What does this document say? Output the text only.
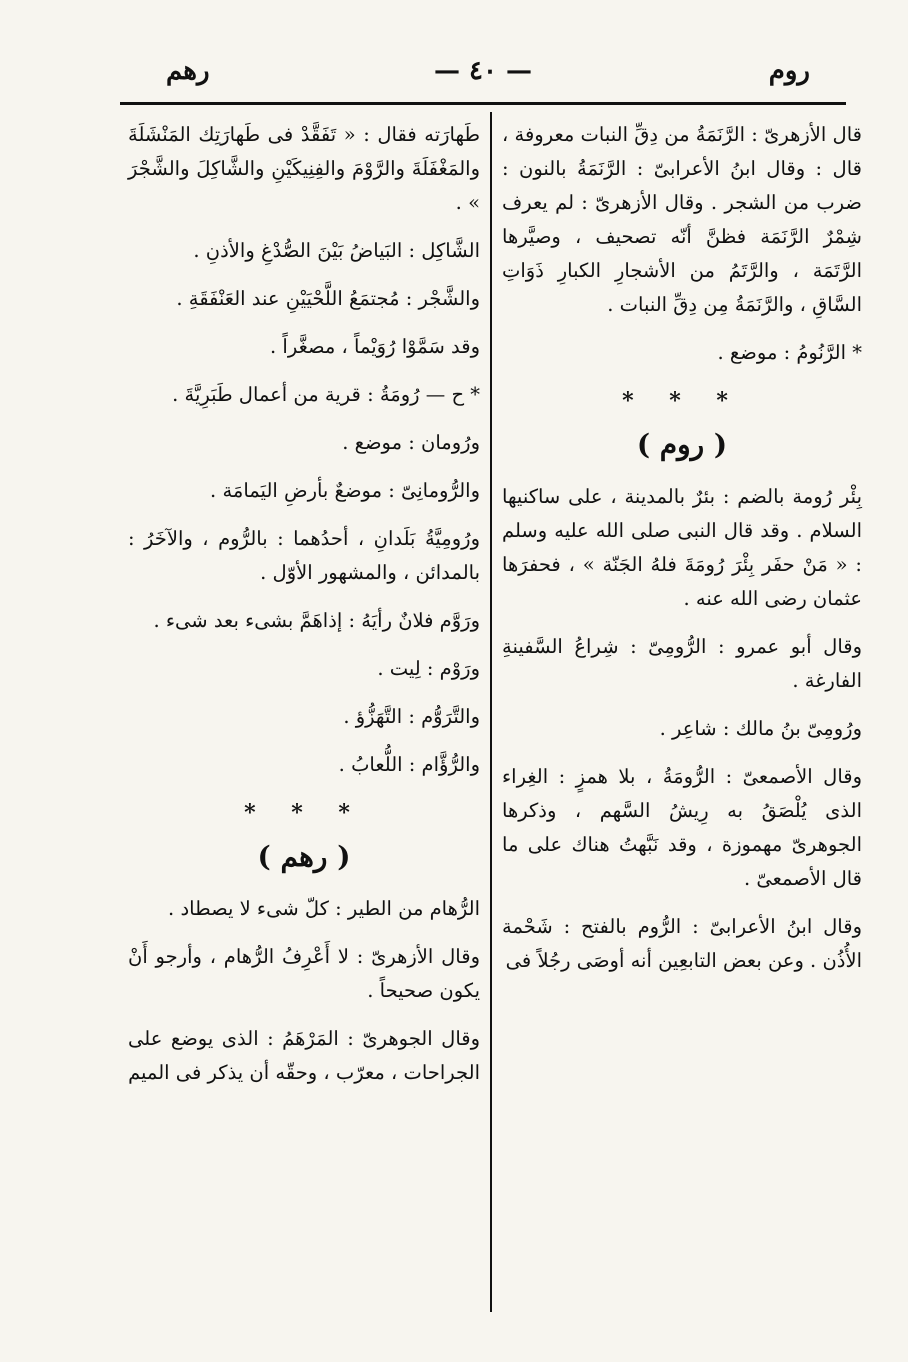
روم
— ٤٠ —
رهم

قال الأزهرىّ : الرَّنَمَةُ من دِقِّ النبات معروفة ، قال : وقال ابنُ الأعرابىّ : الرَّنَمَةُ بالنون : ضرب من الشجر . وقال الأزهرىّ : لم يعرف شِمْرٌ الرَّنَمَة فظنَّ أنّه تصحيف ، وصيَّرها الرَّتَمَة ، والرَّتَمُ من الأشجارِ الكبارِ ذَوَاتِ السَّاقِ ، والرَّنَمَةُ مِن دِقِّ النبات .

* الرَّنُومُ : موضع .

* * *

( روم )

بِئْر رُومة بالضم : بئرٌ بالمدينة ، على ساكنيها السلام . وقد قال النبى صلى الله عليه وسلم : « مَنْ حفَر بِئْرَ رُومَةَ فلهُ الجَنّة » ، فحفرَها عثمان رضى الله عنه .

وقال أبو عمرو : الرُّومِىّ : شِراعُ السَّفينةِ الفارغة .

ورُومِىّ بنُ مالك : شاعِر .

وقال الأصمعىّ : الرُّومَةُ ، بلا همزٍ : الغِراء الذى يُلْصَقُ به رِيشُ السَّهم ، وذكرها الجوهرىّ مهموزة ، وقد نَبَّهتُ هناك على ما قال الأصمعىّ .

وقال ابنُ الأعرابىّ : الرُّوم بالفتح : شَحْمة الأُذُن . وعن بعض التابعِين أنه أوصَى رجُلاً فى

طَهارَته فقال : « تَفَقَّدْ فى طَهارَتِك المَنْشَلَةَ والمَغْفَلَةَ والرَّوْمَ والفِنِيكَيْنِ والشَّاكِلَ والشَّجْرَ » .

الشَّاكِل : البَياضُ بَيْنَ الصُّدْغِ والأذنِ .

والشَّجْر : مُجتمَعُ اللَّحْيَيْنِ عند العَنْفَقَةِ .

وقد سَمَّوْا رُوَيْماً ، مصغَّراً .

* ح — رُومَةُ : قرية من أعمال طَبَرِيَّةَ .

ورُومان : موضع .

والرُّومانِىّ : موضعٌ بأرضِ اليَمامَة .

ورُومِيَّةُ بَلَدانِ ، أحدُهما : بالرُّوم ، والآخَرُ : بالمدائن ، والمشهور الأوّل .

ورَوَّم فلانٌ رأيَهُ : إذاهَمَّ بشىء بعد شىء .

ورَوْم : لِيت .

والتَّرَوُّم : التَّهَزُّؤ .

والرُّؤَّام : اللُّعابُ .

* * *

( رهم )

الرُّهام من الطير : كلّ شىء لا يصطاد .

وقال الأزهرىّ : لا أَعْرِفُ الرُّهام ، وأرجو أَنْ يكون صحيحاً .

وقال الجوهرىّ : المَرْهَمُ : الذى يوضع على الجراحات ، معرّب ، وحقّه أن يذكر فى الميم
